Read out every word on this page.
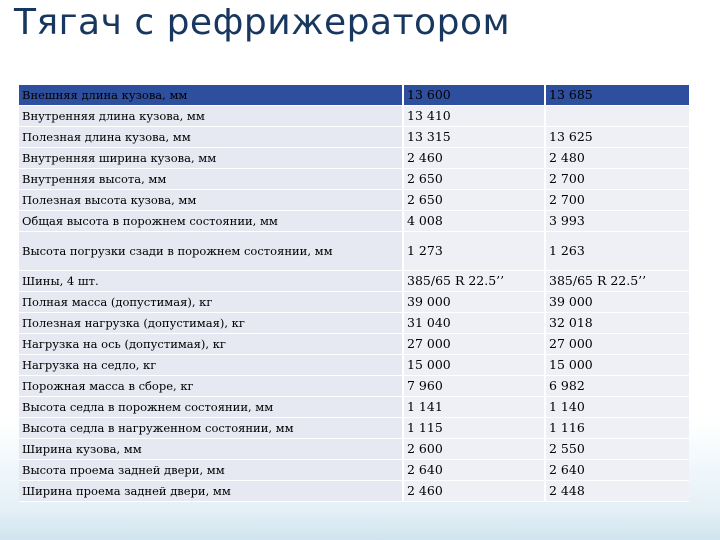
Тягач с рефрижератором
Внешняя длина кузова, мм	13 600	13 685
Внутренняя длина кузова, мм	13 410	
Полезная длина кузова, мм	13 315	13 625
Внутренняя ширина кузова, мм	2 460	2 480
Внутренняя высота, мм	2 650	2 700
Полезная высота кузова, мм	2 650	2 700
Общая высота в порожнем состоянии, мм	4 008	3 993
Высота погрузки сзади в порожнем состоянии, мм	1 273	1 263
Шины, 4 шт.	385/65 R 22.5’’	385/65 R 22.5’’
Полная масса (допустимая), кг	39 000	39 000
Полезная нагрузка (допустимая), кг	31 040	32 018
Нагрузка на ось (допустимая), кг	27 000	27 000
Нагрузка на седло, кг	15 000	15 000
Порожная масса в сборе, кг	7 960	6 982
Высота седла в порожнем состоянии, мм	1 141	1 140
Высота седла в нагруженном состоянии, мм	1 115	1 116
Ширина кузова, мм	2 600	2 550
Высота проема задней двери, мм	2 640	2 640
Ширина проема задней двери, мм	2 460	2 448
